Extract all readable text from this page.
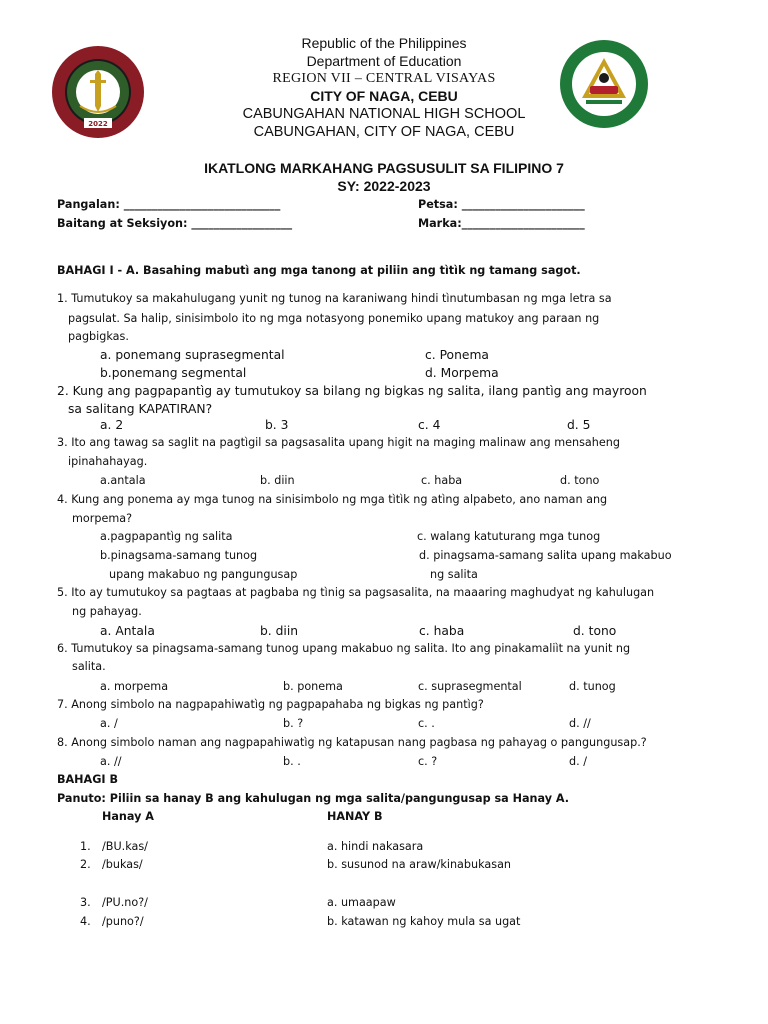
2022
Republic of the Philippines
Department of Education
REGION VII – CENTRAL VISAYAS
CITY OF NAGA, CEBU
CABUNGAHAN NATIONAL HIGH SCHOOL
CABUNGAHAN, CITY OF NAGA, CEBU
IKATLONG MARKAHANG PAGSUSULIT SA FILIPINO 7
SY: 2022-2023
Pangalan: ____________________________	Petsa: ______________________
Baitang at Seksiyon: __________________	Marka:______________________
BAHAGI I - A. Basahing mabutì ang mga tanong at piliin ang tìtìk ng tamang sagot.
1. Tumutukoy sa makahulugang yunit ng tunog na karaniwang hindi tìnutumbasan ng mga letra sa
pagsulat. Sa halip, sinisimbolo ito ng mga notasyong ponemiko upang matukoy ang paraan ng
pagbigkas.
a. ponemang suprasegmental	c. Ponema
b.ponemang segmental	d. Morpema
2. Kung ang pagpapantìg ay tumutukoy sa bilang ng bigkas ng salita, ilang pantìg ang mayroon
sa salitang KAPATIRAN?
a. 2	b. 3	c. 4	d. 5
3. Ito ang tawag sa saglit na pagtìgil sa pagsasalita upang higit na maging malinaw ang mensaheng
ipinahahayag.
a.antala	b. diin	c. haba	d. tono
4. Kung ang ponema ay mga tunog na sinisimbolo ng mga tìtìk ng atìng alpabeto, ano naman ang
morpema?
a.pagpapantìg ng salita	c. walang katuturang mga tunog
b.pinagsama-samang tunog	d. pinagsama-samang salita upang makabuo
upang makabuo ng pangungusap	ng salita
5. Ito ay tumutukoy sa pagtaas at pagbaba ng tìnig sa pagsasalita, na maaaring maghudyat ng kahulugan
ng pahayag.
a. Antala	b. diin	c. haba	d. tono
6. Tumutukoy sa pinagsama-samang tunog upang makabuo ng salita. Ito ang pinakamaliìt na yunit ng
salita.
a. morpema	b. ponema	c. suprasegmental	d. tunog
7. Anong simbolo na nagpapahiwatìg ng pagpapahaba ng bigkas ng pantìg?
a. /	b. ?	c. .	d. //
8. Anong simbolo naman ang nagpapahiwatìg ng katapusan nang pagbasa ng pahayag o pangungusap.?
a. //	b. .	c. ?	d. /
BAHAGI B
Panuto: Piliin sa hanay B ang kahulugan ng mga salita/pangungusap sa Hanay A.
Hanay A	HANAY B
1. /BU.kas/	a. hindi nakasara
2. /bukas/	b. susunod na araw/kinabukasan
3. /PU.no?/	a. umaapaw
4. /puno?/	b. katawan ng kahoy mula sa ugat
